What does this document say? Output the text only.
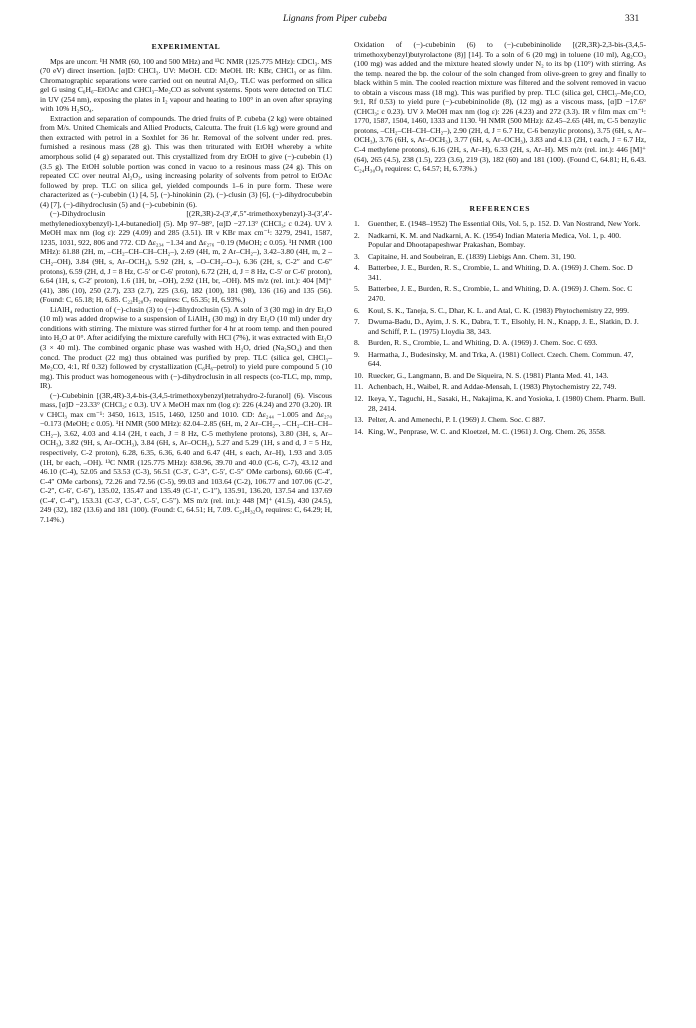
Lignans from Piper cubeba	331
EXPERIMENTAL

Mps are uncorr. ¹H NMR (60, 100 and 500 MHz) and ¹³C NMR (125.775 MHz): CDCl₃. MS (70 eV) direct insertion. [α]D: CHCl₃. UV: MeOH. CD: MeOH. IR: KBr, CHCl₃ or as film. Chromatographic separations were carried out on neutral Al₂O₃. TLC was performed on silica gel G using C₆H₆–EtOAc and CHCl₃–Me₂CO as solvent systems. Spots were detected on TLC in UV (254 nm), exposing the plates in I₂ vapour and heating to 100° in an oven after spraying with 10% H₂SO₄.

Extraction and separation of compounds. The dried fruits of P. cubeba (2 kg) were obtained from M/s. United Chemicals and Allied Products, Calcutta. The fruit (1.6 kg) were ground and then extracted with petrol in a Soxhlet for 36 hr. Removal of the solvent under red. pres. furnished a resinous mass (28 g). This was then triturated with EtOH whereby a white amorphous solid (4 g) separated out. This crystallized from dry EtOH to give (−)-cubebin (1) (3.5 g). The EtOH soluble portion was concd in vacuo to a resinous mass (24 g). This on repeated CC over neutral Al₂O₃, using increasing polarity of solvents from petrol to EtOAc followed by prep. TLC on silica gel, yielded compounds 1–6 in pure form. These were characterized as (−)-cubebin (1) [4, 5], (−)-hinokinin (2), (−)-clusin (3) [6], (−)-dihydrocubebin (4) [7], (−)-dihydroclusin (5) and (−)-cubebinin (6).

(−)-Dihydroclusin [(2R,3R)-2-(3′,4′,5″-trimethoxybenzyl)-3-(3′,4′-methylenedioxybenzyl)-1,4-butanediol] (5). Mp 97–98°, [α]D −27.13° (CHCl₃; c 0.24). UV λ MeOH max nm (log ε): 229 (4.09) and 285 (3.51). IR ν KBr max cm⁻¹: 3279, 2941, 1587, 1235, 1031, 922, 806 and 772. CD Δε₂₃₄ −1.34 and Δε₂₇₆ −0.19 (MeOH; c 0.05). ¹H NMR (100 MHz): δ1.88 (2H, m, –CH₂–CH–CH–CH₂–), 2.69 (4H, m, 2 Ar–CH₂–), 3.42–3.80 (4H, m, 2 –CH₂–OH), 3.84 (9H, s, Ar–OCH₃), 5.92 (2H, s, –O–CH₂–O–), 6.36 (2H, s, C-2″ and C-6″ protons), 6.59 (2H, d, J = 8 Hz, C-5′ or C-6′ proton), 6.72 (2H, d, J = 8 Hz, C-5′ or C-6′ proton), 6.64 (1H, s, C-2′ proton), 1.6 (1H, br, –OH), 2.92 (1H, br, –OH). MS m/z (rel. int.): 404 [M]⁺ (41), 386 (10), 250 (2.7), 233 (2.7), 225 (3.6), 182 (100), 181 (98), 136 (16) and 135 (56). (Found: C, 65.18; H, 6.85. C₂₂H₂₈O₇ requires: C, 65.35; H, 6.93%.)

LiAlH₄ reduction of (−)-clusin (3) to (−)-dihydroclusin (5). A soln of 3 (30 mg) in dry Et₂O (10 ml) was added dropwise to a suspension of LiAlH₄ (30 mg) in dry Et₂O (10 ml) under dry conditions with stirring. The mixture was stirred further for 4 hr at room temp. and then poured into H₂O at 0°. After acidifying the mixture carefully with HCl (7%), it was extracted with Et₂O (3 × 40 ml). The combined organic phase was washed with H₂O, dried (Na₂SO₄) and then concd. The product (22 mg) thus obtained was purified by prep. TLC (silica gel, CHCl₃–Me₂CO, 4:1, Rf 0.32) followed by crystallization (C₆H₆–petrol) to yield pure compound 5 (10 mg). This product was homogeneous with (−)-dihydroclusin in all respects (co-TLC, mp, mmp, IR).

(−)-Cubebinin [(3R,4R)-3,4-bis-(3,4,5-trimethoxybenzyl)tetrahydro-2-furanol] (6). Viscous mass, [α]D −23.33° (CHCl₃; c 0.3). UV λ MeOH max nm (log ε): 226 (4.24) and 270 (3.20). IR ν CHCl₃ max cm⁻¹: 3450, 1613, 1515, 1460, 1250 and 1010. CD: Δε₂₄₄ −1.005 and Δε₂₇₀ −0.173 (MeOH; c 0.05). ¹H NMR (500 MHz): δ2.04–2.85 (6H, m, 2 Ar–CH₂–, –CH₂–CH–CH–CH₂–), 3.62, 4.03 and 4.14 (2H, t each, J = 8 Hz, C-5 methylene protons), 3.80 (3H, s, Ar–OCH₃), 3.82 (9H, s, Ar–OCH₃), 3.84 (6H, s, Ar–OCH₃), 5.27 and 5.29 (1H, s and d, J = 5 Hz, respectively, C-2 proton), 6.28, 6.35, 6.36, 6.40 and 6.47 (4H, s each, Ar–H), 1.93 and 3.05 (1H, br each, –OH). ¹³C NMR (125.775 MHz): δ38.96, 39.70 and 40.0 (C-6, C-7), 43.12 and 46.10 (C-4), 52.05 and 53.53 (C-3), 56.51 (C-3′, C-3″, C-5′, C-5″ OMe carbons), 60.66 (C-4′, C-4″ OMe carbons), 72.26 and 72.56 (C-5), 99.03 and 103.64 (C-2), 106.77 and 107.06 (C-2′, C-2″, C-6′, C-6″), 135.02, 135.47 and 135.49 (C-1′, C-1″), 135.91, 136.20, 137.54 and 137.69 (C-4′, C-4″), 153.31 (C-3′, C-3″, C-5′, C-5″). MS m/z (rel. int.): 448 [M]⁺ (41.5), 430 (24.5), 249 (32), 182 (13.6) and 181 (100). (Found: C, 64.51; H, 7.09. C₂₄H₃₂O₈ requires: C, 64.29; H, 7.14%.)

Oxidation of (−)-cubebinin (6) to (−)-cubebininolide [(2R,3R)-2,3-bis-(3,4,5-trimethoxybenzyl)butyrolactone (8)] [14]. To a soln of 6 (20 mg) in toluene (10 ml), Ag₂CO₃ (100 mg) was added and the mixture heated slowly under N₂ to its bp (110°) with stirring. As the temp. neared the bp. the colour of the soln changed from olive-green to grey and finally to black within 5 min. The cooled reaction mixture was filtered and the solvent removed in vacuo to obtain a viscous mass (18 mg). This was purified by prep. TLC (silica gel, CHCl₃–Me₂CO, 9:1, Rf 0.53) to yield pure (−)-cubebininolide (8), (12 mg) as a viscous mass, [α]D −17.6° (CHCl₃; c 0.23). UV λ MeOH max nm (log ε): 226 (4.23) and 272 (3.3). IR ν film max cm⁻¹: 1770, 1587, 1504, 1460, 1333 and 1130. ¹H NMR (500 MHz): δ2.45–2.65 (4H, m, C-5 benzylic protons, –CH₂–CH–CH–CH₂–), 2.90 (2H, d, J = 6.7 Hz, C-6 benzylic protons), 3.75 (6H, s, Ar–OCH₃), 3.76 (6H, s, Ar–OCH₃), 3.77 (6H, s, Ar–OCH₃), 3.83 and 4.13 (2H, t each, J = 6.7 Hz, C-4 methylene protons), 6.16 (2H, s, Ar–H), 6.33 (2H, s, Ar–H). MS m/z (rel. int.): 446 [M]⁺ (64), 265 (4.5), 238 (1.5), 223 (3.6), 219 (3), 182 (60) and 181 (100). (Found C, 64.81; H, 6.43. C₂₄H₃₀O₈ requires: C, 64.57; H, 6.73%.)

REFERENCES
1. Guenther, E. (1948–1952) The Essential Oils, Vol. 5, p. 152. D. Van Nostrand, New York.
2. Nadkarni, K. M. and Nadkarni, A. K. (1954) Indian Materia Medica, Vol. 1, p. 400. Popular and Dhootapapeshwar Prakashan, Bombay.
3. Capitaine, H. and Soubeiran, E. (1839) Liebigs Ann. Chem. 31, 190.
4. Batterbee, J. E., Burden, R. S., Crombie, L. and Whiting, D. A. (1969) J. Chem. Soc. D 341.
5. Batterbee, J. E., Burden, R. S., Crombie, L. and Whiting, D. A. (1969) J. Chem. Soc. C 2470.
6. Koul, S. K., Taneja, S. C., Dhar, K. L. and Atal, C. K. (1983) Phytochemistry 22, 999.
7. Dwuma-Badu, D., Ayim, J. S. K., Dabra, T. T., Elsohly, H. N., Knapp, J. E., Slatkin, D. J. and Schiff, P. L. (1975) Lloydia 38, 343.
8. Burden, R. S., Crombie, L. and Whiting, D. A. (1969) J. Chem. Soc. C 693.
9. Harmatha, J., Budesinsky, M. and Trka, A. (1981) Collect. Czech. Chem. Commun. 47, 644.
10. Ruecker, G., Langmann, B. and De Siqueira, N. S. (1981) Planta Med. 41, 143.
11. Achenbach, H., Waibel, R. and Addae-Mensah, I. (1983) Phytochemistry 22, 749.
12. Ikeya, Y., Taguchi, H., Sasaki, H., Nakajima, K. and Yosioka, I. (1980) Chem. Pharm. Bull. 28, 2414.
13. Pelter, A. and Amenechi, P. I. (1969) J. Chem. Soc. C 887.
14. King, W., Penprase, W. C. and Kloetzel, M. C. (1961) J. Org. Chem. 26, 3558.
